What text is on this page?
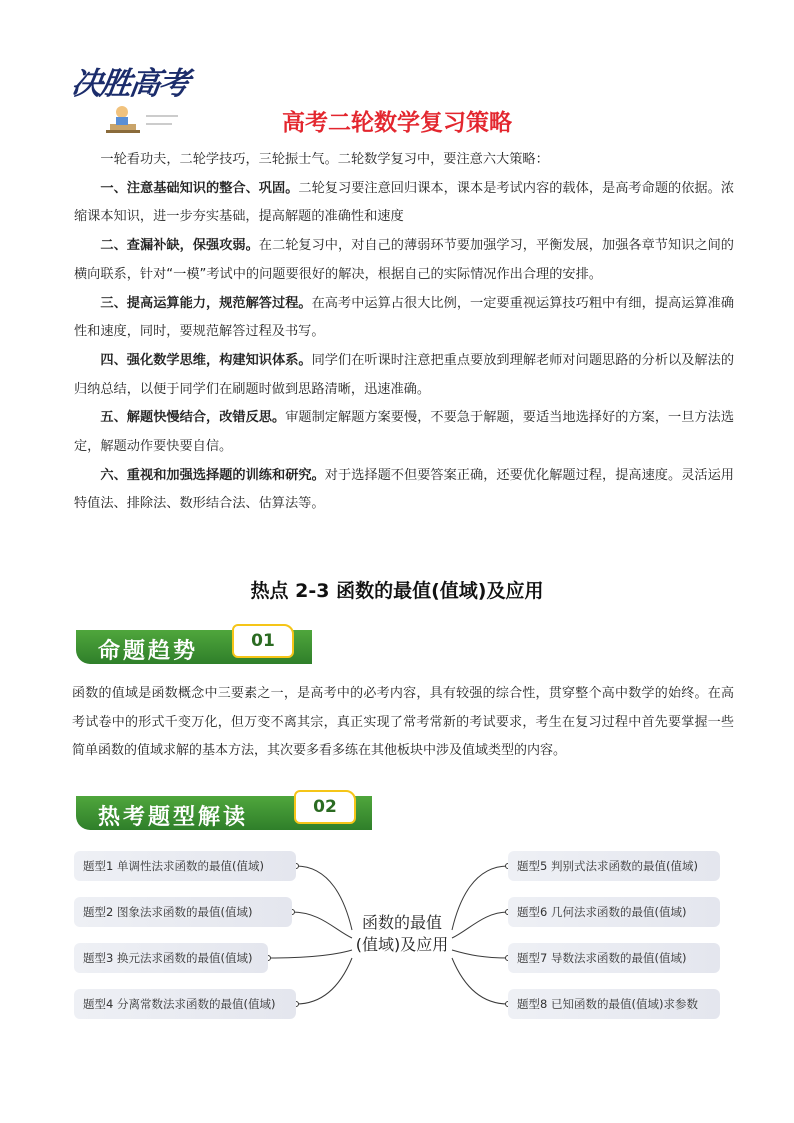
决胜高考
高考二轮数学复习策略

一轮看功夫，二轮学技巧，三轮振士气。二轮数学复习中，要注意六大策略：

一、注意基础知识的整合、巩固。二轮复习要注意回归课本，课本是考试内容的载体，是高考命题的依据。浓缩课本知识，进一步夯实基础，提高解题的准确性和速度

二、查漏补缺，保强攻弱。在二轮复习中，对自己的薄弱环节要加强学习，平衡发展，加强各章节知识之间的横向联系，针对“一模”考试中的问题要很好的解决，根据自己的实际情况作出合理的安排。

三、提高运算能力，规范解答过程。在高考中运算占很大比例，一定要重视运算技巧粗中有细，提高运算准确性和速度，同时，要规范解答过程及书写。

四、强化数学思维，构建知识体系。同学们在听课时注意把重点要放到理解老师对问题思路的分析以及解法的归纳总结，以便于同学们在刷题时做到思路清晰，迅速准确。

五、解题快慢结合，改错反思。审题制定解题方案要慢，不要急于解题，要适当地选择好的方案，一旦方法选定，解题动作要快要自信。

六、重视和加强选择题的训练和研究。对于选择题不但要答案正确，还要优化解题过程，提高速度。灵活运用特值法、排除法、数形结合法、估算法等。

热点 2-3 函数的最值(值域)及应用
命题趋势	01
函数的值域是函数概念中三要素之一，是高考中的必考内容，具有较强的综合性，贯穿整个高中数学的始终。在高考试卷中的形式千变万化，但万变不离其宗，真正实现了常考常新的考试要求，考生在复习过程中首先要掌握一些简单函数的值域求解的基本方法，其次要多看多练在其他板块中涉及值域类型的内容。
热考题型解读	02
题型1 单调性法求函数的最值(值域)
题型2 图象法求函数的最值(值域)
题型3 换元法求函数的最值(值域)
题型4 分离常数法求函数的最值(值域)
函数的最值
(值域)及应用
题型5 判别式法求函数的最值(值域)
题型6 几何法求函数的最值(值域)
题型7 导数法求函数的最值(值域)
题型8 已知函数的最值(值域)求参数
